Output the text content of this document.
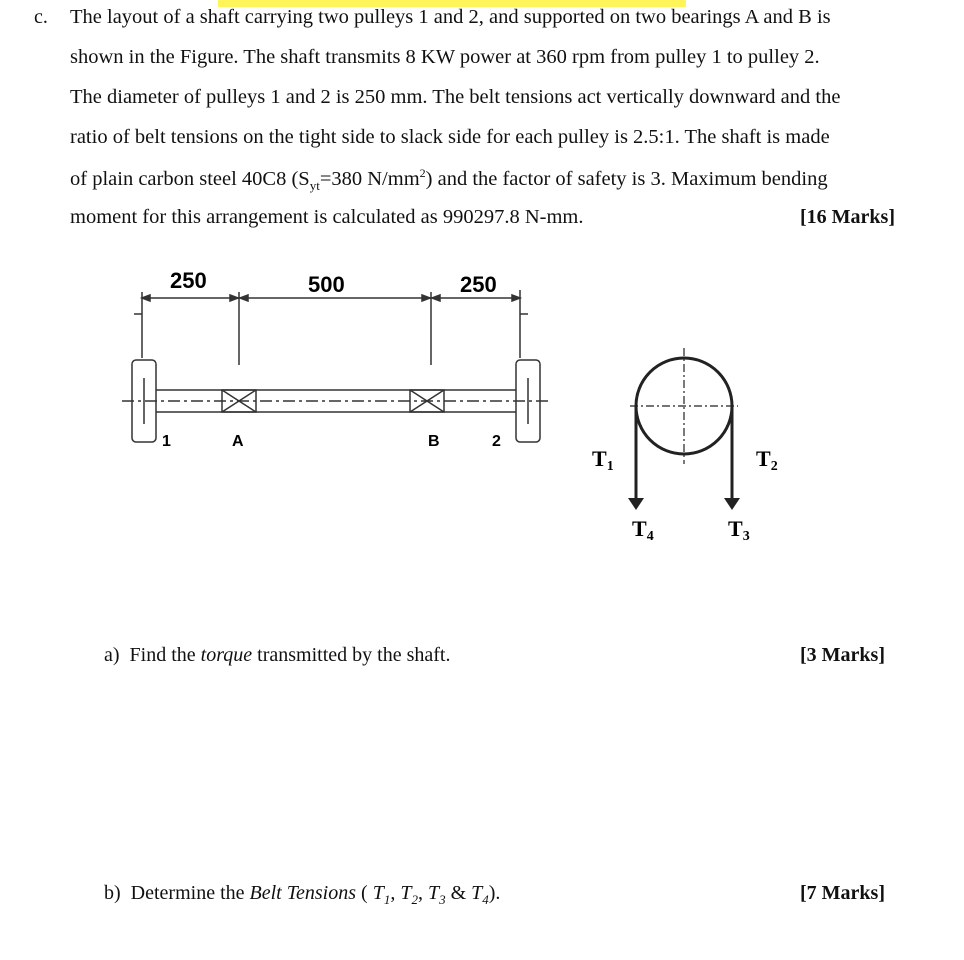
c. The layout of a shaft carrying two pulleys 1 and 2, and supported on two bearings A and B is
shown in the Figure. The shaft transmits 8 KW power at 360 rpm from pulley 1 to pulley 2.
The diameter of pulleys 1 and 2 is 250 mm. The belt tensions act vertically downward and the
ratio of belt tensions on the tight side to slack side for each pulley is 2.5:1. The shaft is made
of plain carbon steel 40C8 ($S_{yt}=380$ $N/mm^2$) and the factor of safety is 3. Maximum bending
moment for this arrangement is calculated as 990297.8 N-mm.	[16 Marks]
250	500	250
1	A	B	2
T1	T2
T4	T3
a) Find the torque transmitted by the shaft.	[3 Marks]
b) Determine the Belt Tensions ( $T_1$, $T_2$, $T_3$ & $T_4$).	[7 Marks]
